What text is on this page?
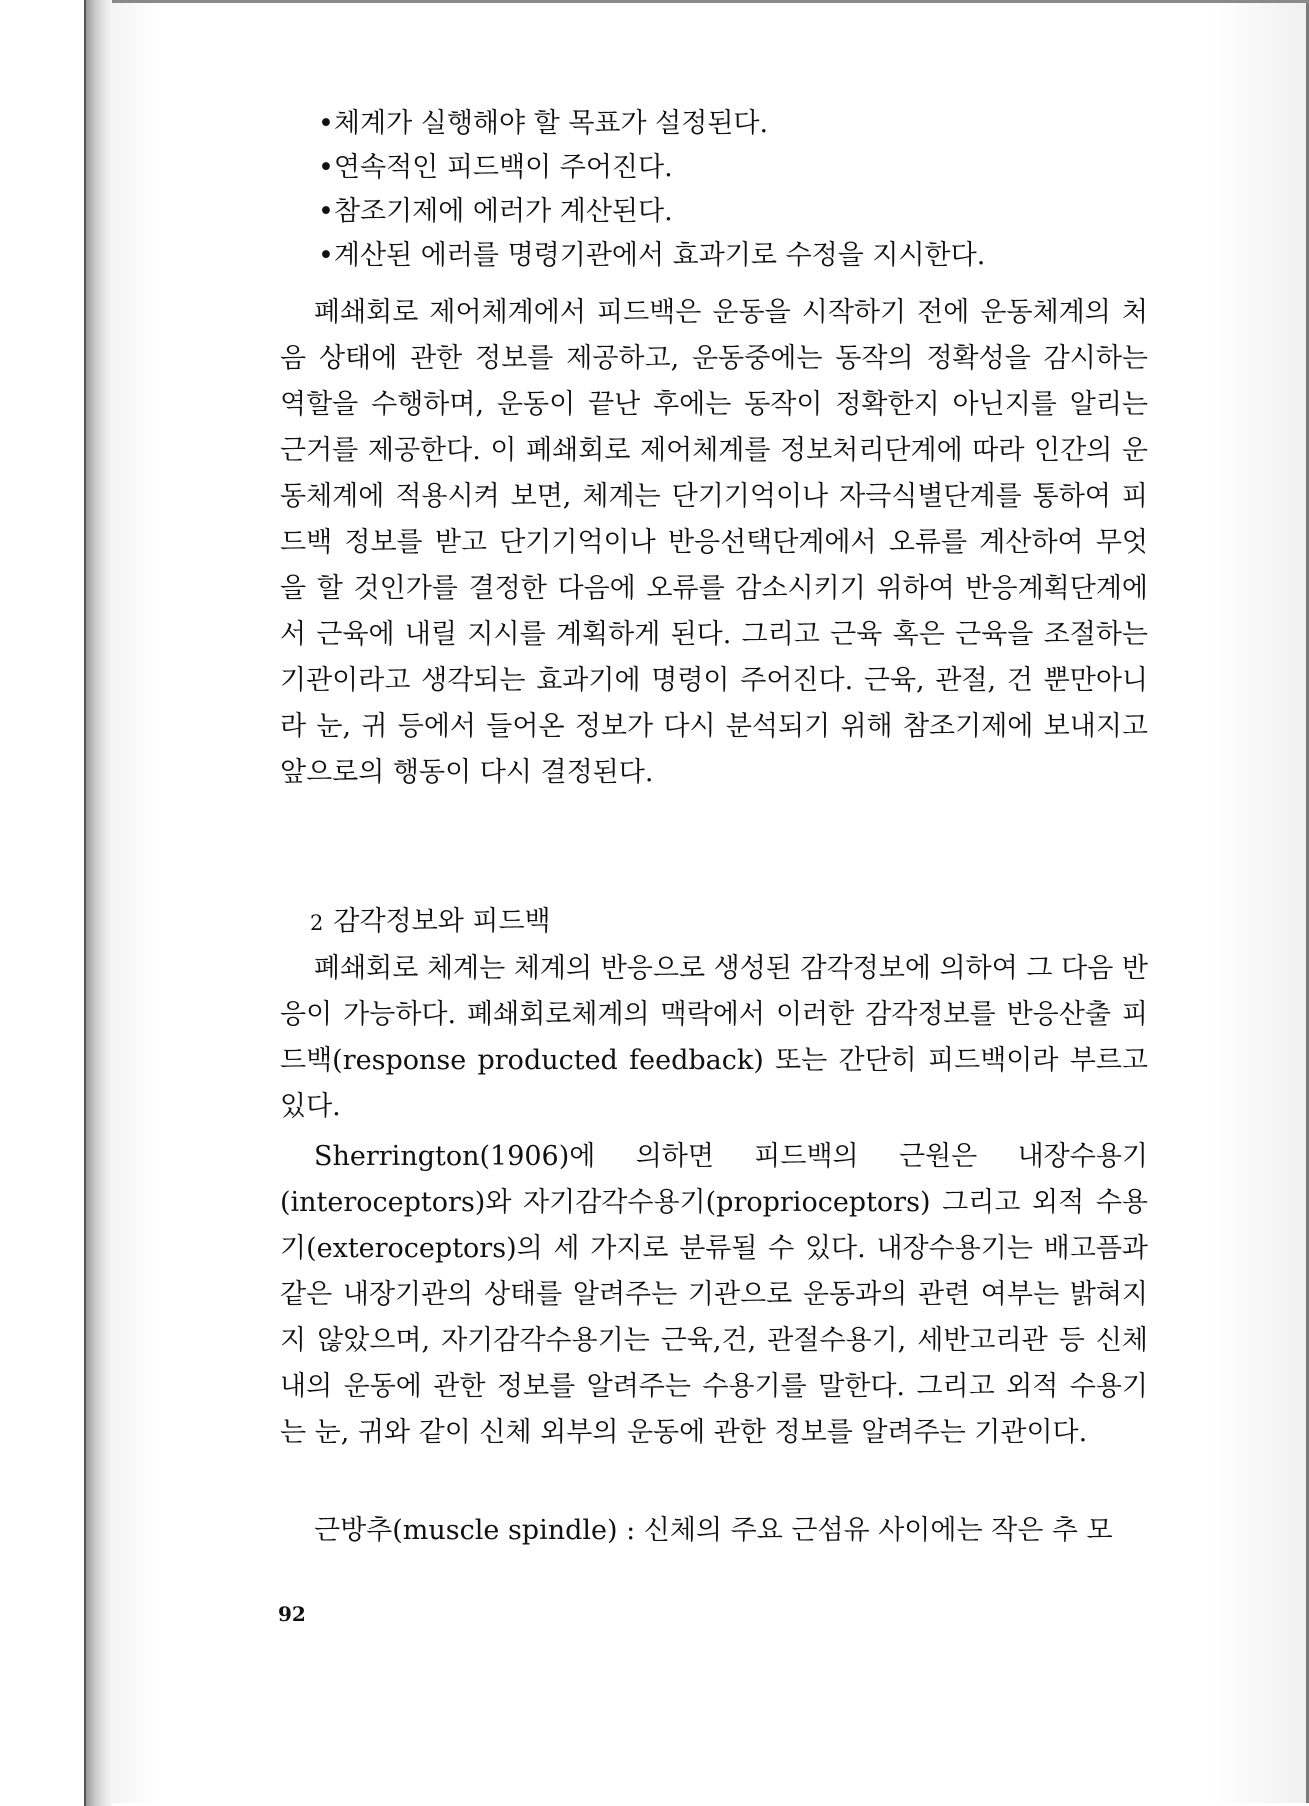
•체계가 실행해야 할 목표가 설정된다.
•연속적인 피드백이 주어진다.
•참조기제에 에러가 계산된다.
•계산된 에러를 명령기관에서 효과기로 수정을 지시한다.
폐쇄회로 제어체계에서 피드백은 운동을 시작하기 전에 운동체계의 처음 상태에 관한 정보를 제공하고, 운동중에는 동작의 정확성을 감시하는 역할을 수행하며, 운동이 끝난 후에는 동작이 정확한지 아닌지를 알리는 근거를 제공한다. 이 폐쇄회로 제어체계를 정보처리단계에 따라 인간의 운동체계에 적용시켜 보면, 체계는 단기기억이나 자극식별단계를 통하여 피드백 정보를 받고 단기기억이나 반응선택단계에서 오류를 계산하여 무엇을 할 것인가를 결정한 다음에 오류를 감소시키기 위하여 반응계획단계에서 근육에 내릴 지시를 계획하게 된다. 그리고 근육 혹은 근육을 조절하는 기관이라고 생각되는 효과기에 명령이 주어진다. 근육, 관절, 건 뿐만아니라 눈, 귀 등에서 들어온 정보가 다시 분석되기 위해 참조기제에 보내지고 앞으로의 행동이 다시 결정된다.
2 감각정보와 피드백
폐쇄회로 체계는 체계의 반응으로 생성된 감각정보에 의하여 그 다음 반응이 가능하다. 폐쇄회로체계의 맥락에서 이러한 감각정보를 반응산출 피드백(response producted feedback) 또는 간단히 피드백이라 부르고 있다.
Sherrington(1906)에 의하면 피드백의 근원은 내장수용기(interoceptors)와 자기감각수용기(proprioceptors) 그리고 외적 수용기(exteroceptors)의 세 가지로 분류될 수 있다. 내장수용기는 배고픔과 같은 내장기관의 상태를 알려주는 기관으로 운동과의 관련 여부는 밝혀지지 않았으며, 자기감각수용기는 근육,건, 관절수용기, 세반고리관 등 신체 내의 운동에 관한 정보를 알려주는 수용기를 말한다. 그리고 외적 수용기는 눈, 귀와 같이 신체 외부의 운동에 관한 정보를 알려주는 기관이다.
근방추(muscle spindle) : 신체의 주요 근섬유 사이에는 작은 추 모
92
